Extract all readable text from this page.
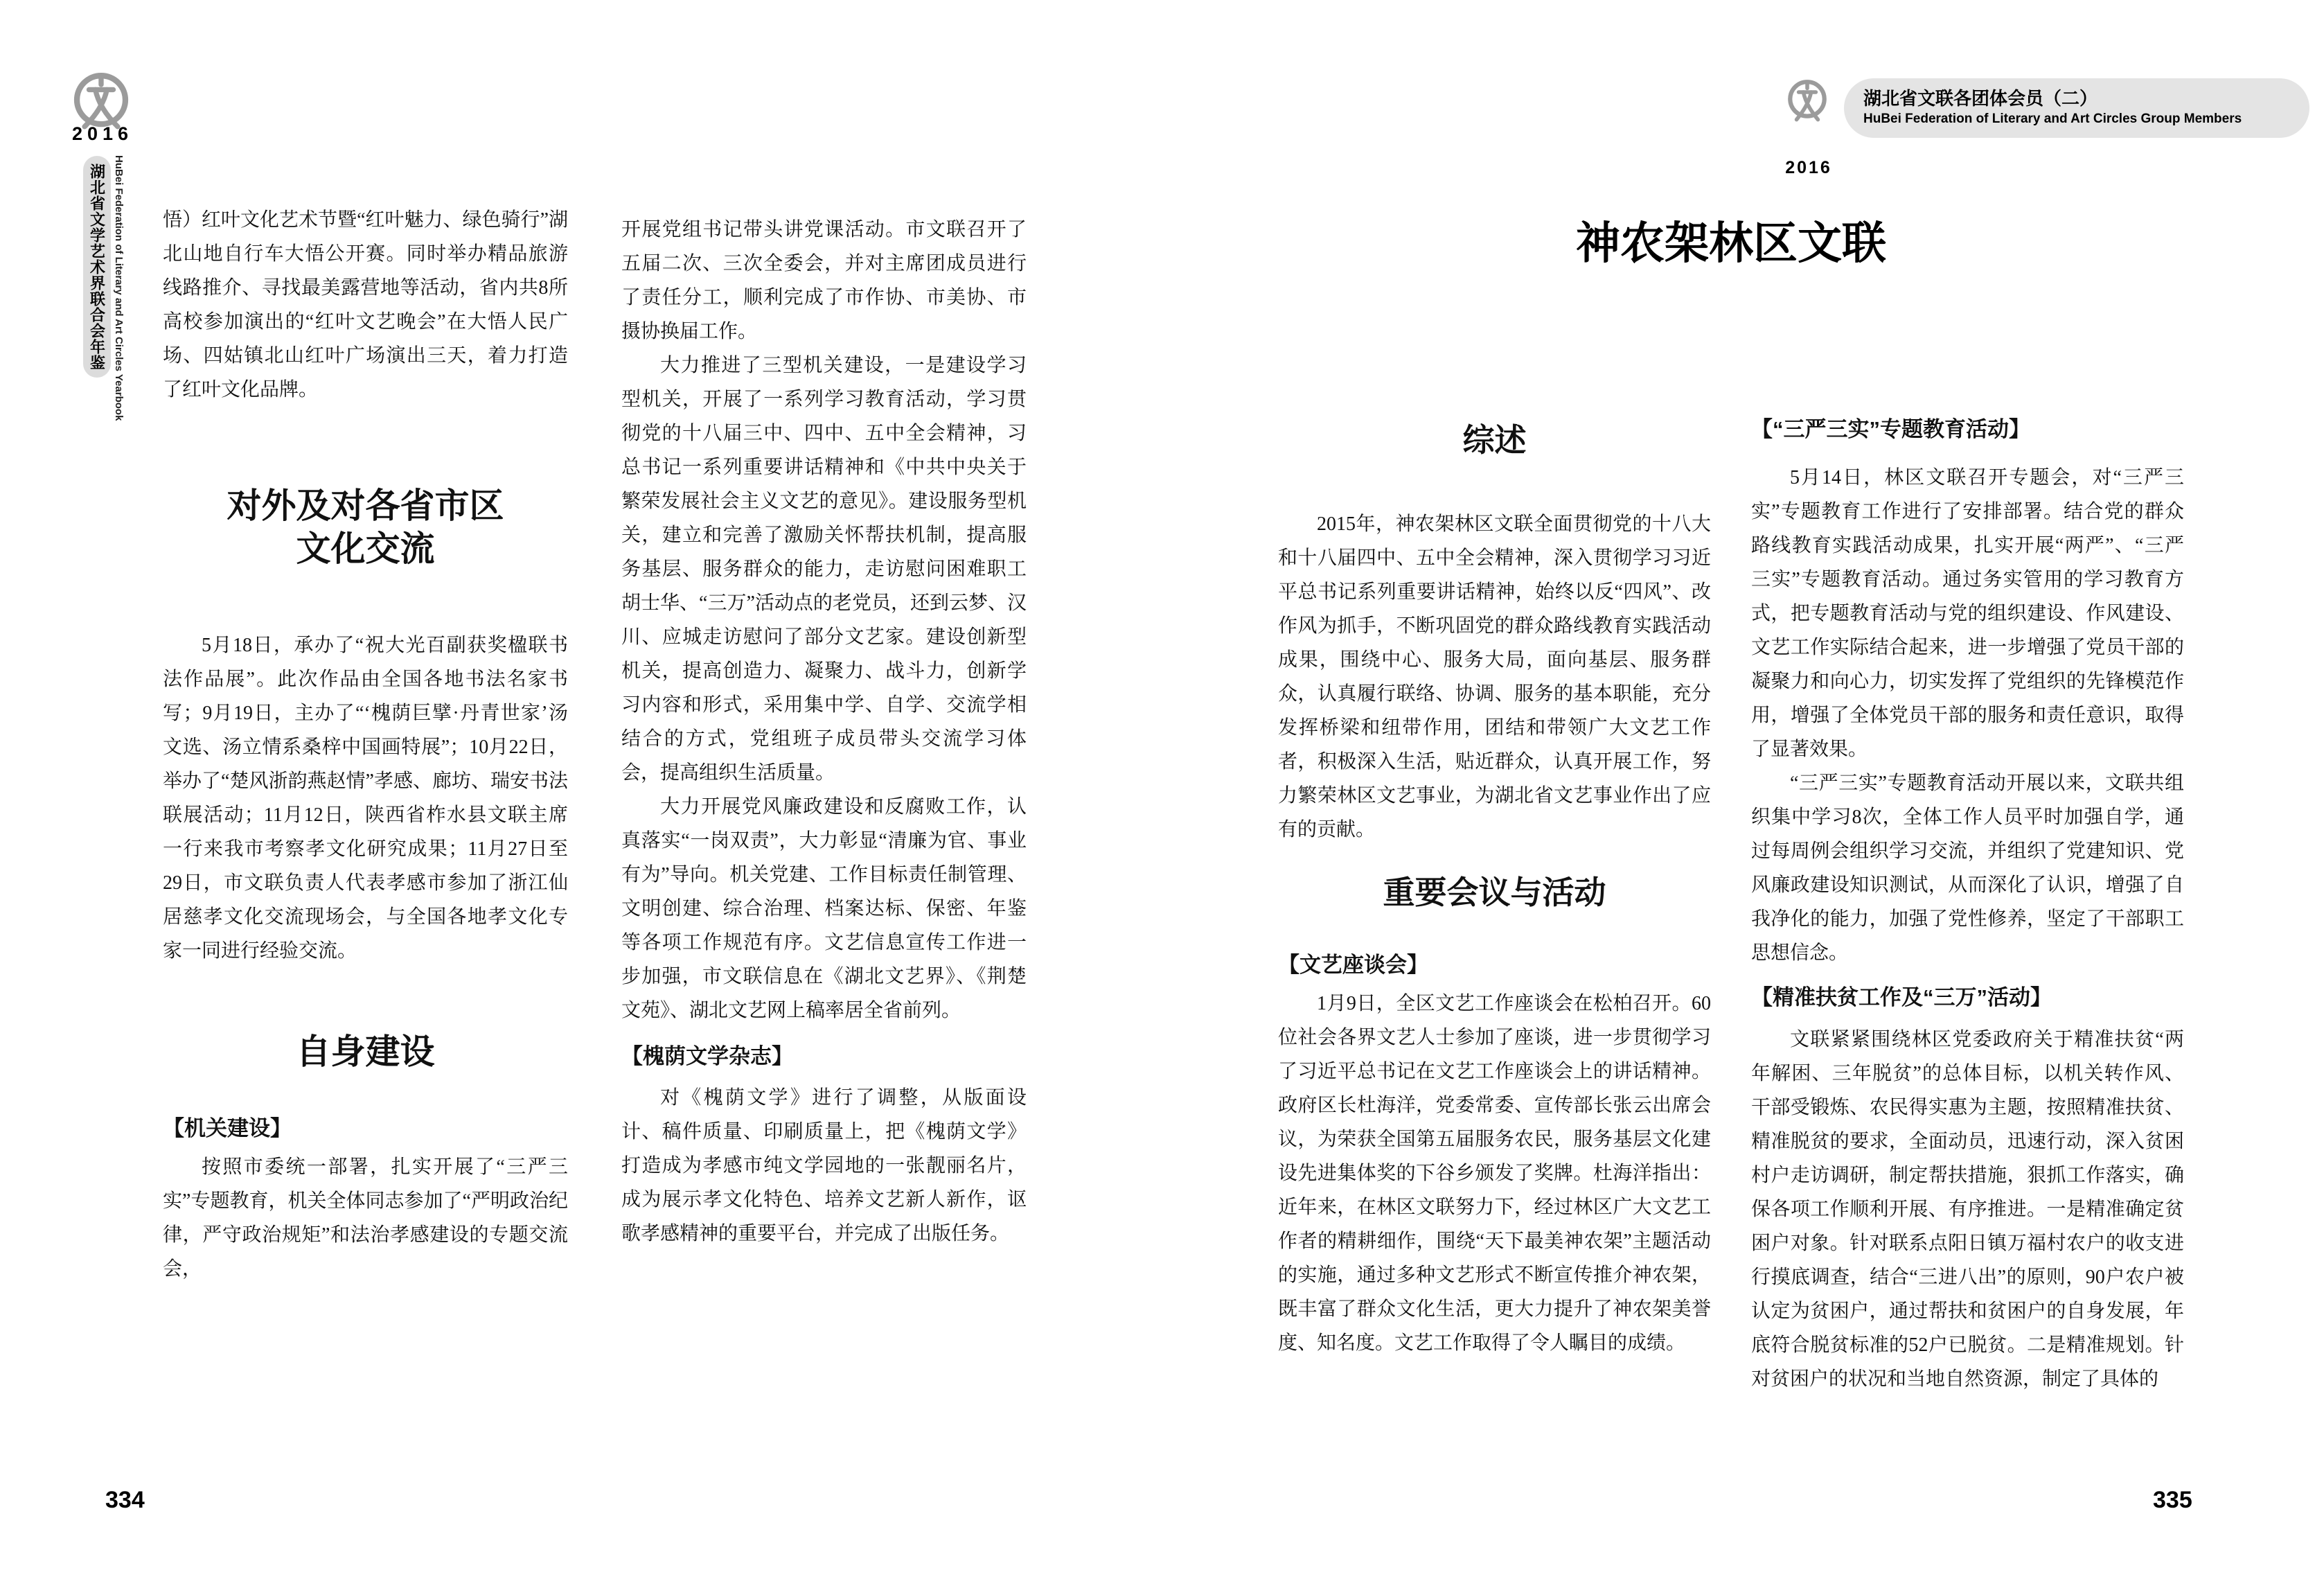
2016
湖北省文学艺术界联合会年鉴 HuBei Federation of Literary and Art Circles Yearbook 悟）红叶文化艺术节暨“红叶魅力、绿色骑行”湖北山地自行车大悟公开赛。同时举办精品旅游线路推介、寻找最美露营地等活动，省内共8所高校参加演出的“红叶文艺晚会”在大悟人民广场、四姑镇北山红叶广场演出三天，着力打造了红叶文化品牌。

对外及对各省市区
文化交流

5月18日，承办了“祝大光百副获奖楹联书法作品展”。此次作品由全国各地书法名家书写；9月19日，主办了“‘槐荫巨擘·丹青世家’汤文选、汤立情系桑梓中国画特展”；10月22日，举办了“楚风浙韵燕赵情”孝感、廊坊、瑞安书法联展活动；11月12日，陕西省柞水县文联主席一行来我市考察孝文化研究成果；11月27日至29日，市文联负责人代表孝感市参加了浙江仙居慈孝文化交流现场会，与全国各地孝文化专家一同进行经验交流。

自身建设
【机关建设】

按照市委统一部署，扎实开展了“三严三实”专题教育，机关全体同志参加了“严明政治纪律，严守政治规矩”和法治孝感建设的专题交流会，

开展党组书记带头讲党课活动。市文联召开了五届二次、三次全委会，并对主席团成员进行了责任分工，顺利完成了市作协、市美协、市摄协换届工作。

大力推进了三型机关建设，一是建设学习型机关，开展了一系列学习教育活动，学习贯彻党的十八届三中、四中、五中全会精神，习总书记一系列重要讲话精神和《中共中央关于繁荣发展社会主义文艺的意见》。建设服务型机关，建立和完善了激励关怀帮扶机制，提高服务基层、服务群众的能力，走访慰问困难职工胡士华、“三万”活动点的老党员，还到云梦、汉川、应城走访慰问了部分文艺家。建设创新型机关，提高创造力、凝聚力、战斗力，创新学习内容和形式，采用集中学、自学、交流学相结合的方式，党组班子成员带头交流学习体会，提高组织生活质量。

大力开展党风廉政建设和反腐败工作，认真落实“一岗双责”，大力彰显“清廉为官、事业有为”导向。机关党建、工作目标责任制管理、文明创建、综合治理、档案达标、保密、年鉴等各项工作规范有序。文艺信息宣传工作进一步加强，市文联信息在《湖北文艺界》、《荆楚文苑》、湖北文艺网上稿率居全省前列。

【槐荫文学杂志】

对《槐荫文学》进行了调整，从版面设计、稿件质量、印刷质量上，把《槐荫文学》打造成为孝感市纯文学园地的一张靓丽名片，成为展示孝文化特色、培养文艺新人新作，讴歌孝感精神的重要平台，并完成了出版任务。

334
2016
湖北省文联各团体会员（二）
HuBei Federation of Literary and Art Circles Group Members
神农架林区文联
综述

2015年，神农架林区文联全面贯彻党的十八大和十八届四中、五中全会精神，深入贯彻学习习近平总书记系列重要讲话精神，始终以反“四风”、改作风为抓手，不断巩固党的群众路线教育实践活动成果，围绕中心、服务大局，面向基层、服务群众，认真履行联络、协调、服务的基本职能，充分发挥桥梁和纽带作用，团结和带领广大文艺工作者，积极深入生活，贴近群众，认真开展工作，努力繁荣林区文艺事业，为湖北省文艺事业作出了应有的贡献。

重要会议与活动
【文艺座谈会】

1月9日，全区文艺工作座谈会在松柏召开。60位社会各界文艺人士参加了座谈，进一步贯彻学习了习近平总书记在文艺工作座谈会上的讲话精神。政府区长杜海洋，党委常委、宣传部长张云出席会议，为荣获全国第五届服务农民，服务基层文化建设先进集体奖的下谷乡颁发了奖牌。杜海洋指出：近年来，在林区文联努力下，经过林区广大文艺工作者的精耕细作，围绕“天下最美神农架”主题活动的实施，通过多种文艺形式不断宣传推介神农架，既丰富了群众文化生活，更大力提升了神农架美誉度、知名度。文艺工作取得了令人瞩目的成绩。

【“三严三实”专题教育活动】

5月14日，林区文联召开专题会，对“三严三实”专题教育工作进行了安排部署。结合党的群众路线教育实践活动成果，扎实开展“两严”、“三严三实”专题教育活动。通过务实管用的学习教育方式，把专题教育活动与党的组织建设、作风建设、文艺工作实际结合起来，进一步增强了党员干部的凝聚力和向心力，切实发挥了党组织的先锋模范作用，增强了全体党员干部的服务和责任意识，取得了显著效果。

“三严三实”专题教育活动开展以来，文联共组织集中学习8次，全体工作人员平时加强自学，通过每周例会组织学习交流，并组织了党建知识、党风廉政建设知识测试，从而深化了认识，增强了自我净化的能力，加强了党性修养，坚定了干部职工思想信念。

【精准扶贫工作及“三万”活动】

文联紧紧围绕林区党委政府关于精准扶贫“两年解困、三年脱贫”的总体目标，以机关转作风、干部受锻炼、农民得实惠为主题，按照精准扶贫、精准脱贫的要求，全面动员，迅速行动，深入贫困村户走访调研，制定帮扶措施，狠抓工作落实，确保各项工作顺利开展、有序推进。一是精准确定贫困户对象。针对联系点阳日镇万福村农户的收支进行摸底调查，结合“三进八出”的原则，90户农户被认定为贫困户，通过帮扶和贫困户的自身发展，年底符合脱贫标准的52户已脱贫。二是精准规划。针对贫困户的状况和当地自然资源，制定了具体的

335
